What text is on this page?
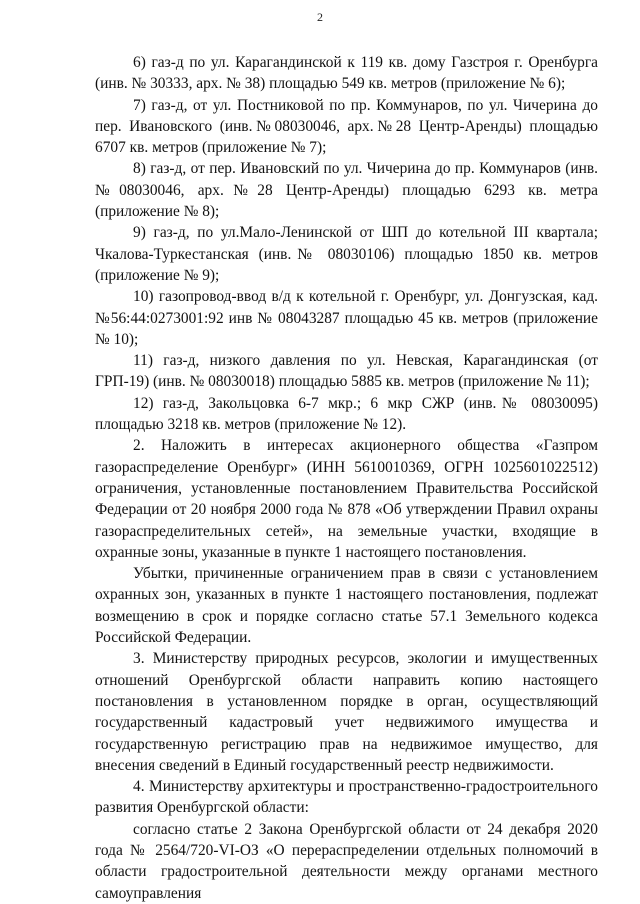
2

6) газ-д по ул. Карагандинской к 119 кв. дому Газстроя г. Оренбурга (инв. № 30333, арх. № 38) площадью 549 кв. метров (приложение № 6);

7) газ-д, от ул. Постниковой по пр. Коммунаров, по ул. Чичерина до пер. Ивановского (инв.№08030046, арх.№28 Центр-Аренды) площадью 6707 кв. метров (приложение № 7);

8) газ-д, от пер. Ивановский по ул. Чичерина до пр. Коммунаров (инв.№08030046, арх.№28 Центр-Аренды) площадью 6293 кв. метра (приложение № 8);

9) газ-д, по ул.Мало-Ленинской от ШП до котельной III квартала; Чкалова-Туркестанская (инв.№ 08030106) площадью 1850 кв. метров (приложение № 9);

10) газопровод-ввод в/д к котельной г. Оренбург, ул. Донгузская, кад. №56:44:0273001:92 инв № 08043287 площадью 45 кв. метров (приложение № 10);

11) газ-д, низкого давления по ул. Невская, Карагандинская (от ГРП-19) (инв. № 08030018) площадью 5885 кв. метров (приложение № 11);

12) газ-д, Закольцовка 6-7 мкр.; 6 мкр СЖР (инв.№ 08030095) площадью 3218 кв. метров (приложение № 12).

2. Наложить в интересах акционерного общества «Газпром газораспределение Оренбург» (ИНН 5610010369, ОГРН 1025601022512) ограничения, установленные постановлением Правительства Российской Федерации от 20 ноября 2000 года № 878 «Об утверждении Правил охраны газораспределительных сетей», на земельные участки, входящие в охранные зоны, указанные в пункте 1 настоящего постановления.

Убытки, причиненные ограничением прав в связи с установлением охранных зон, указанных в пункте 1 настоящего постановления, подлежат возмещению в срок и порядке согласно статье 57.1 Земельного кодекса Российской Федерации.

3. Министерству природных ресурсов, экологии и имущественных отношений Оренбургской области направить копию настоящего постановления в установленном порядке в орган, осуществляющий государственный кадастровый учет недвижимого имущества и государственную регистрацию прав на недвижимое имущество, для внесения сведений в Единый государственный реестр недвижимости.

4. Министерству архитектуры и пространственно-градостроительного развития Оренбургской области:

согласно статье 2 Закона Оренбургской области от 24 декабря 2020 года № 2564/720-VI-ОЗ «О перераспределении отдельных полномочий в области градостроительной деятельности между органами местного самоуправления
